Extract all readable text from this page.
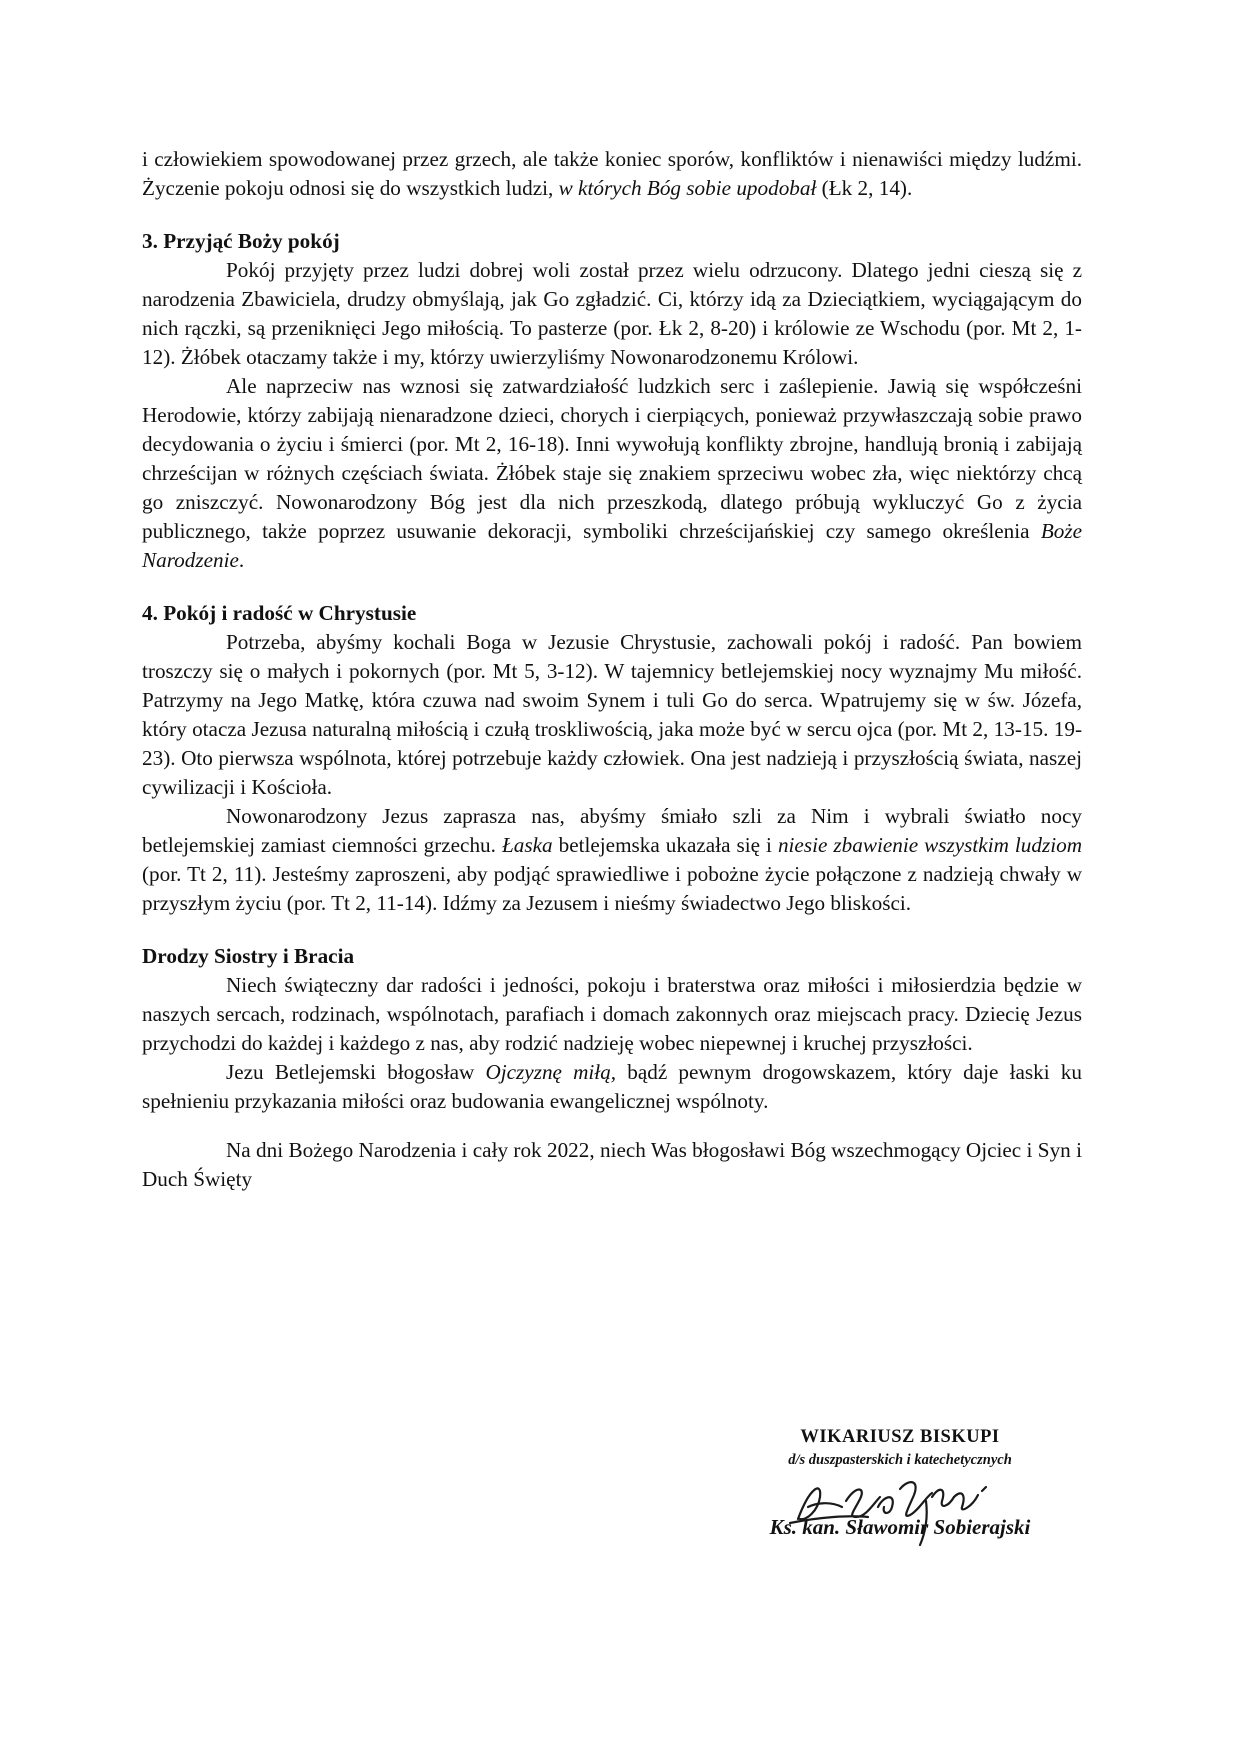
i człowiekiem spowodowanej przez grzech, ale także koniec sporów, konfliktów i nienawiści między ludźmi. Życzenie pokoju odnosi się do wszystkich ludzi, w których Bóg sobie upodobał (Łk 2, 14).

3. Przyjąć Boży pokój

Pokój przyjęty przez ludzi dobrej woli został przez wielu odrzucony. Dlatego jedni cieszą się z narodzenia Zbawiciela, drudzy obmyślają, jak Go zgładzić. Ci, którzy idą za Dzieciątkiem, wyciągającym do nich rączki, są przeniknięci Jego miłością. To pasterze (por. Łk 2, 8-20) i królowie ze Wschodu (por. Mt 2, 1-12). Żłóbek otaczamy także i my, którzy uwierzyliśmy Nowonarodzonemu Królowi.

Ale naprzeciw nas wznosi się zatwardziałość ludzkich serc i zaślepienie. Jawią się współcześni Herodowie, którzy zabijają nienaradzone dzieci, chorych i cierpiących, ponieważ przywłaszczają sobie prawo decydowania o życiu i śmierci (por. Mt 2, 16-18). Inni wywołują konflikty zbrojne, handlują bronią i zabijają chrześcijan w różnych częściach świata. Żłóbek staje się znakiem sprzeciwu wobec zła, więc niektórzy chcą go zniszczyć. Nowonarodzony Bóg jest dla nich przeszkodą, dlatego próbują wykluczyć Go z życia publicznego, także poprzez usuwanie dekoracji, symboliki chrześcijańskiej czy samego określenia Boże Narodzenie.

4. Pokój i radość w Chrystusie

Potrzeba, abyśmy kochali Boga w Jezusie Chrystusie, zachowali pokój i radość. Pan bowiem troszczy się o małych i pokornych (por. Mt 5, 3-12). W tajemnicy betlejemskiej nocy wyznajmy Mu miłość. Patrzymy na Jego Matkę, która czuwa nad swoim Synem i tuli Go do serca. Wpatrujemy się w św. Józefa, który otacza Jezusa naturalną miłością i czułą troskliwością, jaka może być w sercu ojca (por. Mt 2, 13-15. 19-23). Oto pierwsza wspólnota, której potrzebuje każdy człowiek. Ona jest nadzieją i przyszłością świata, naszej cywilizacji i Kościoła.

Nowonarodzony Jezus zaprasza nas, abyśmy śmiało szli za Nim i wybrali światło nocy betlejemskiej zamiast ciemności grzechu. Łaska betlejemska ukazała się i niesie zbawienie wszystkim ludziom (por. Tt 2, 11). Jesteśmy zaproszeni, aby podjąć sprawiedliwe i pobożne życie połączone z nadzieją chwały w przyszłym życiu (por. Tt 2, 11-14). Idźmy za Jezusem i nieśmy świadectwo Jego bliskości.

Drodzy Siostry i Bracia

Niech świąteczny dar radości i jedności, pokoju i braterstwa oraz miłości i miłosierdzia będzie w naszych sercach, rodzinach, wspólnotach, parafiach i domach zakonnych oraz miejscach pracy. Dziecię Jezus przychodzi do każdej i każdego z nas, aby rodzić nadzieję wobec niepewnej i kruchej przyszłości.

Jezu Betlejemski błogosław Ojczyznę miłą, bądź pewnym drogowskazem, który daje łaski ku spełnieniu przykazania miłości oraz budowania ewangelicznej wspólnoty.

Na dni Bożego Narodzenia i cały rok 2022, niech Was błogosławi Bóg wszechmogący Ojciec i Syn i Duch Święty

WIKARIUSZ BISKUPI
d/s duszpasterskich i katechetycznych
Ks. kan. Sławomir Sobierajski
